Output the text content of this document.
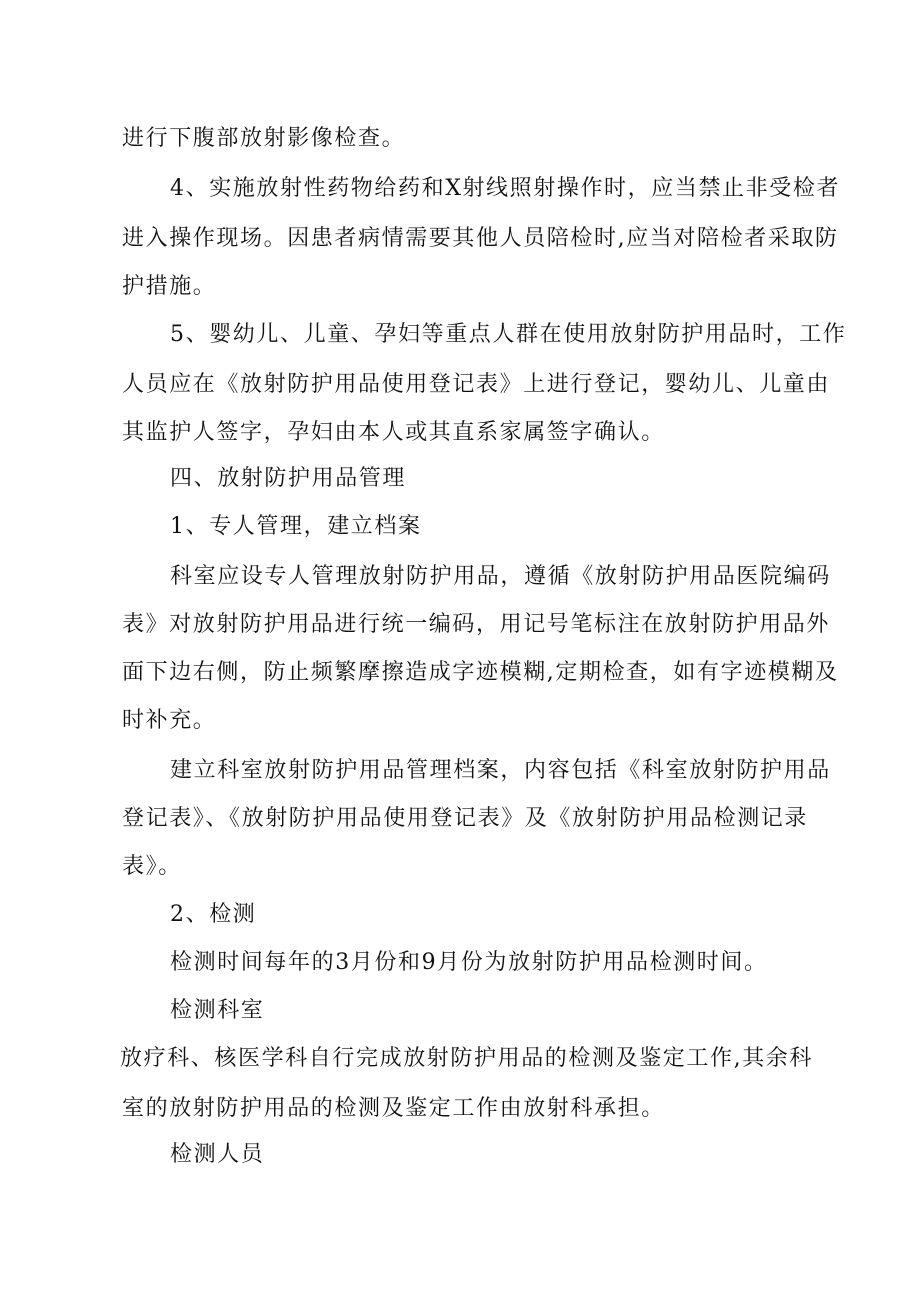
进行下腹部放射影像检查。
4、实施放射性药物给药和X射线照射操作时，应当禁止非受检者
进入操作现场。因患者病情需要其他人员陪检时,应当对陪检者采取防
护措施。
5、婴幼儿、儿童、孕妇等重点人群在使用放射防护用品时，工作
人员应在《放射防护用品使用登记表》上进行登记，婴幼儿、儿童由
其监护人签字，孕妇由本人或其直系家属签字确认。
四、放射防护用品管理
1、专人管理，建立档案
科室应设专人管理放射防护用品，遵循《放射防护用品医院编码
表》对放射防护用品进行统一编码，用记号笔标注在放射防护用品外
面下边右侧，防止频繁摩擦造成字迹模糊,定期检查，如有字迹模糊及
时补充。
建立科室放射防护用品管理档案，内容包括《科室放射防护用品
登记表》、《放射防护用品使用登记表》及《放射防护用品检测记录
表》。
2、检测
检测时间每年的3月份和9月份为放射防护用品检测时间。
检测科室
放疗科、核医学科自行完成放射防护用品的检测及鉴定工作,其余科
室的放射防护用品的检测及鉴定工作由放射科承担。
检测人员
